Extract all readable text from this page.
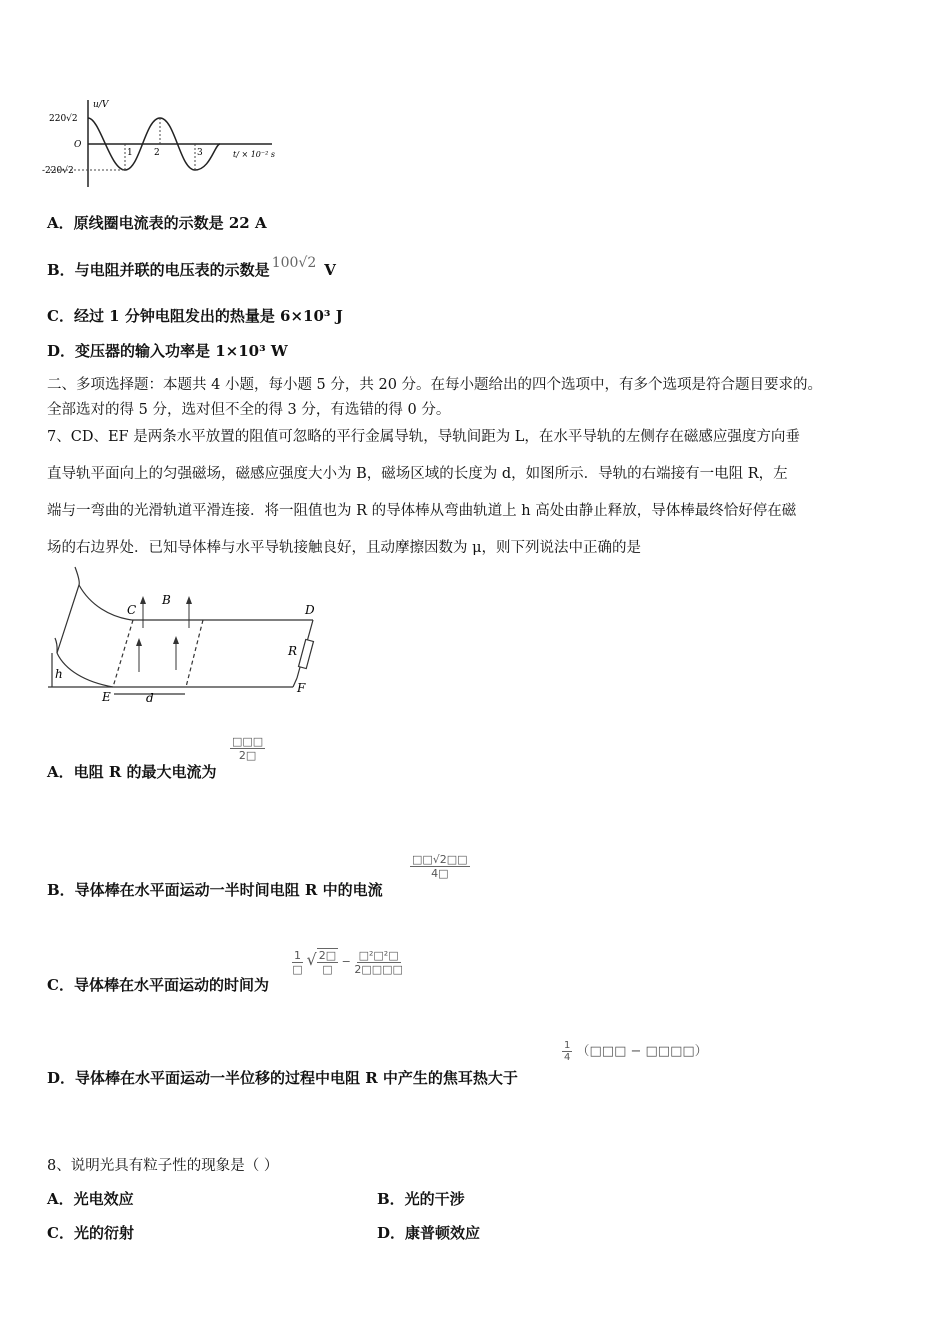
u/V
220√2
O
-220√2
1 2	3	t/ × 10⁻² s
A．原线圈电流表的示数是 22 A
B．与电阻并联的电压表的示数是 100√2 V
C．经过 1 分钟电阻发出的热量是 6×10³ J
D．变压器的输入功率是 1×10³ W
二、多项选择题：本题共 4 小题，每小题 5 分，共 20 分。在每小题给出的四个选项中，有多个选项是符合题目要求的。
全部选对的得 5 分，选对但不全的得 3 分，有选错的得 0 分。
7、CD、EF 是两条水平放置的阻值可忽略的平行金属导轨，导轨间距为 L，在水平导轨的左侧存在磁感应强度方向垂
直导轨平面向上的匀强磁场，磁感应强度大小为 B，磁场区域的长度为 d，如图所示．导轨的右端接有一电阻 R，左
端与一弯曲的光滑轨道平滑连接．将一阻值也为 R 的导体棒从弯曲轨道上 h 高处由静止释放，导体棒最终恰好停在磁
场的右边界处．已知导体棒与水平导轨接触良好，且动摩擦因数为 μ，则下列说法中正确的是
C
B
D
R
F
h
E	d
A．电阻 R 的最大电流为
$\frac{□□□}{2□}$
B．导体棒在水平面运动一半时间电阻 R 中的电流
$\frac{□□√2□□}{4□}$
C．导体棒在水平面运动的时间为
$\frac{1}{□}$ √ $\frac{2□}{□} - \frac{\text{□²□²□}}{2□□□□}$
D．导体棒在水平面运动一半位移的过程中电阻 R 中产生的焦耳热大于
$\frac{1}{4}$ （□□□ − □□□□）
8、说明光具有粒子性的现象是（ ）
A．光电效应	B．光的干涉
C．光的衍射	D．康普顿效应
